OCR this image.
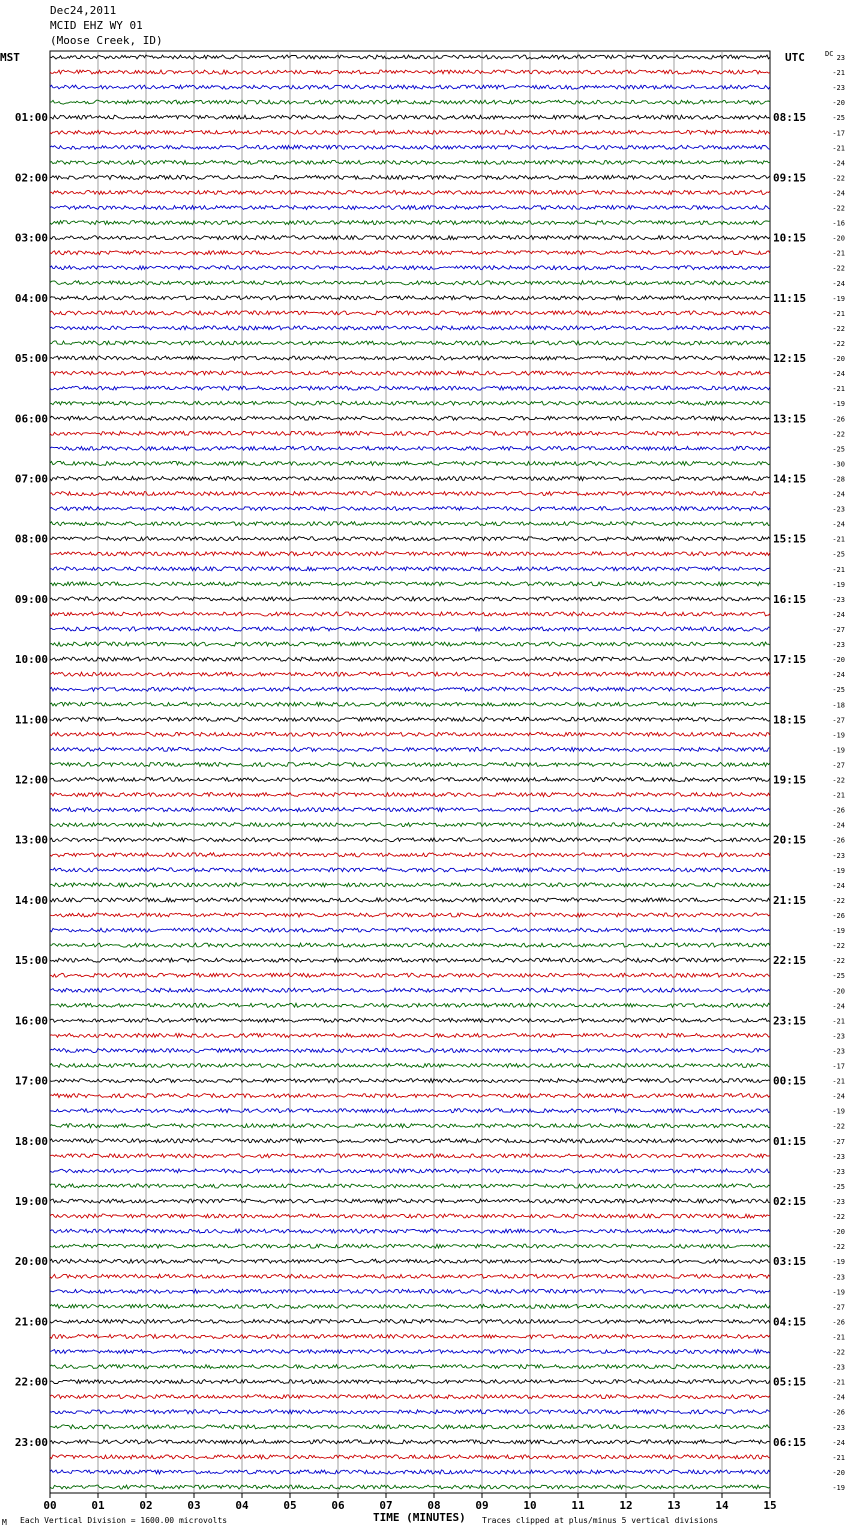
Dec24,2011
MCID EHZ WY 01
(Moose Creek, ID)
MST	UTC
01:00
02:00
03:00
04:00
05:00
06:00
07:00
08:00
09:00
10:00
11:00
12:00
13:00
14:00
15:00
16:00
17:00
18:00
19:00
20:00
21:00
22:00
23:00
08:15
09:15
10:15
11:15
12:15
13:15
14:15
15:15
16:15
17:15
18:15
19:15
20:15
21:15
22:15
23:15
00:15
01:15
02:15
03:15
04:15
05:15
06:15
DC 23
-21
-23
-20
-25
-17
-21
-24
-22
-24
-22
-16
-20
-21
-22
-24
-19
-21
-22
-22
-20
-24
-21
-19
-26
-22
-25
-30
-28
-24
-23
-24
-21
-25
-21
-19
-23
-24
-27
-23
-20
-24
-25
-18
-27
-19
-19
-27
-22
-21
-26
-24
-26
-23
-19
-24
-22
-26
-19
-22
-22
-25
-20
-24
-21
-23
-23
-17
-21
-24
-19
-22
-27
-23
-23
-25
-23
-22
-20
-22
-19
-23
-19
-27
-26
-21
-22
-23
-21
-24
-26
-23
-24
-21
-20
-19
00	01	02	03	04	05	06	07	08	09	10	11	12	13	14	15
M Each Vertical Division = 1600.00 microvolts	TIME (MINUTES) Traces clipped at plus/minus 5 vertical divisions
